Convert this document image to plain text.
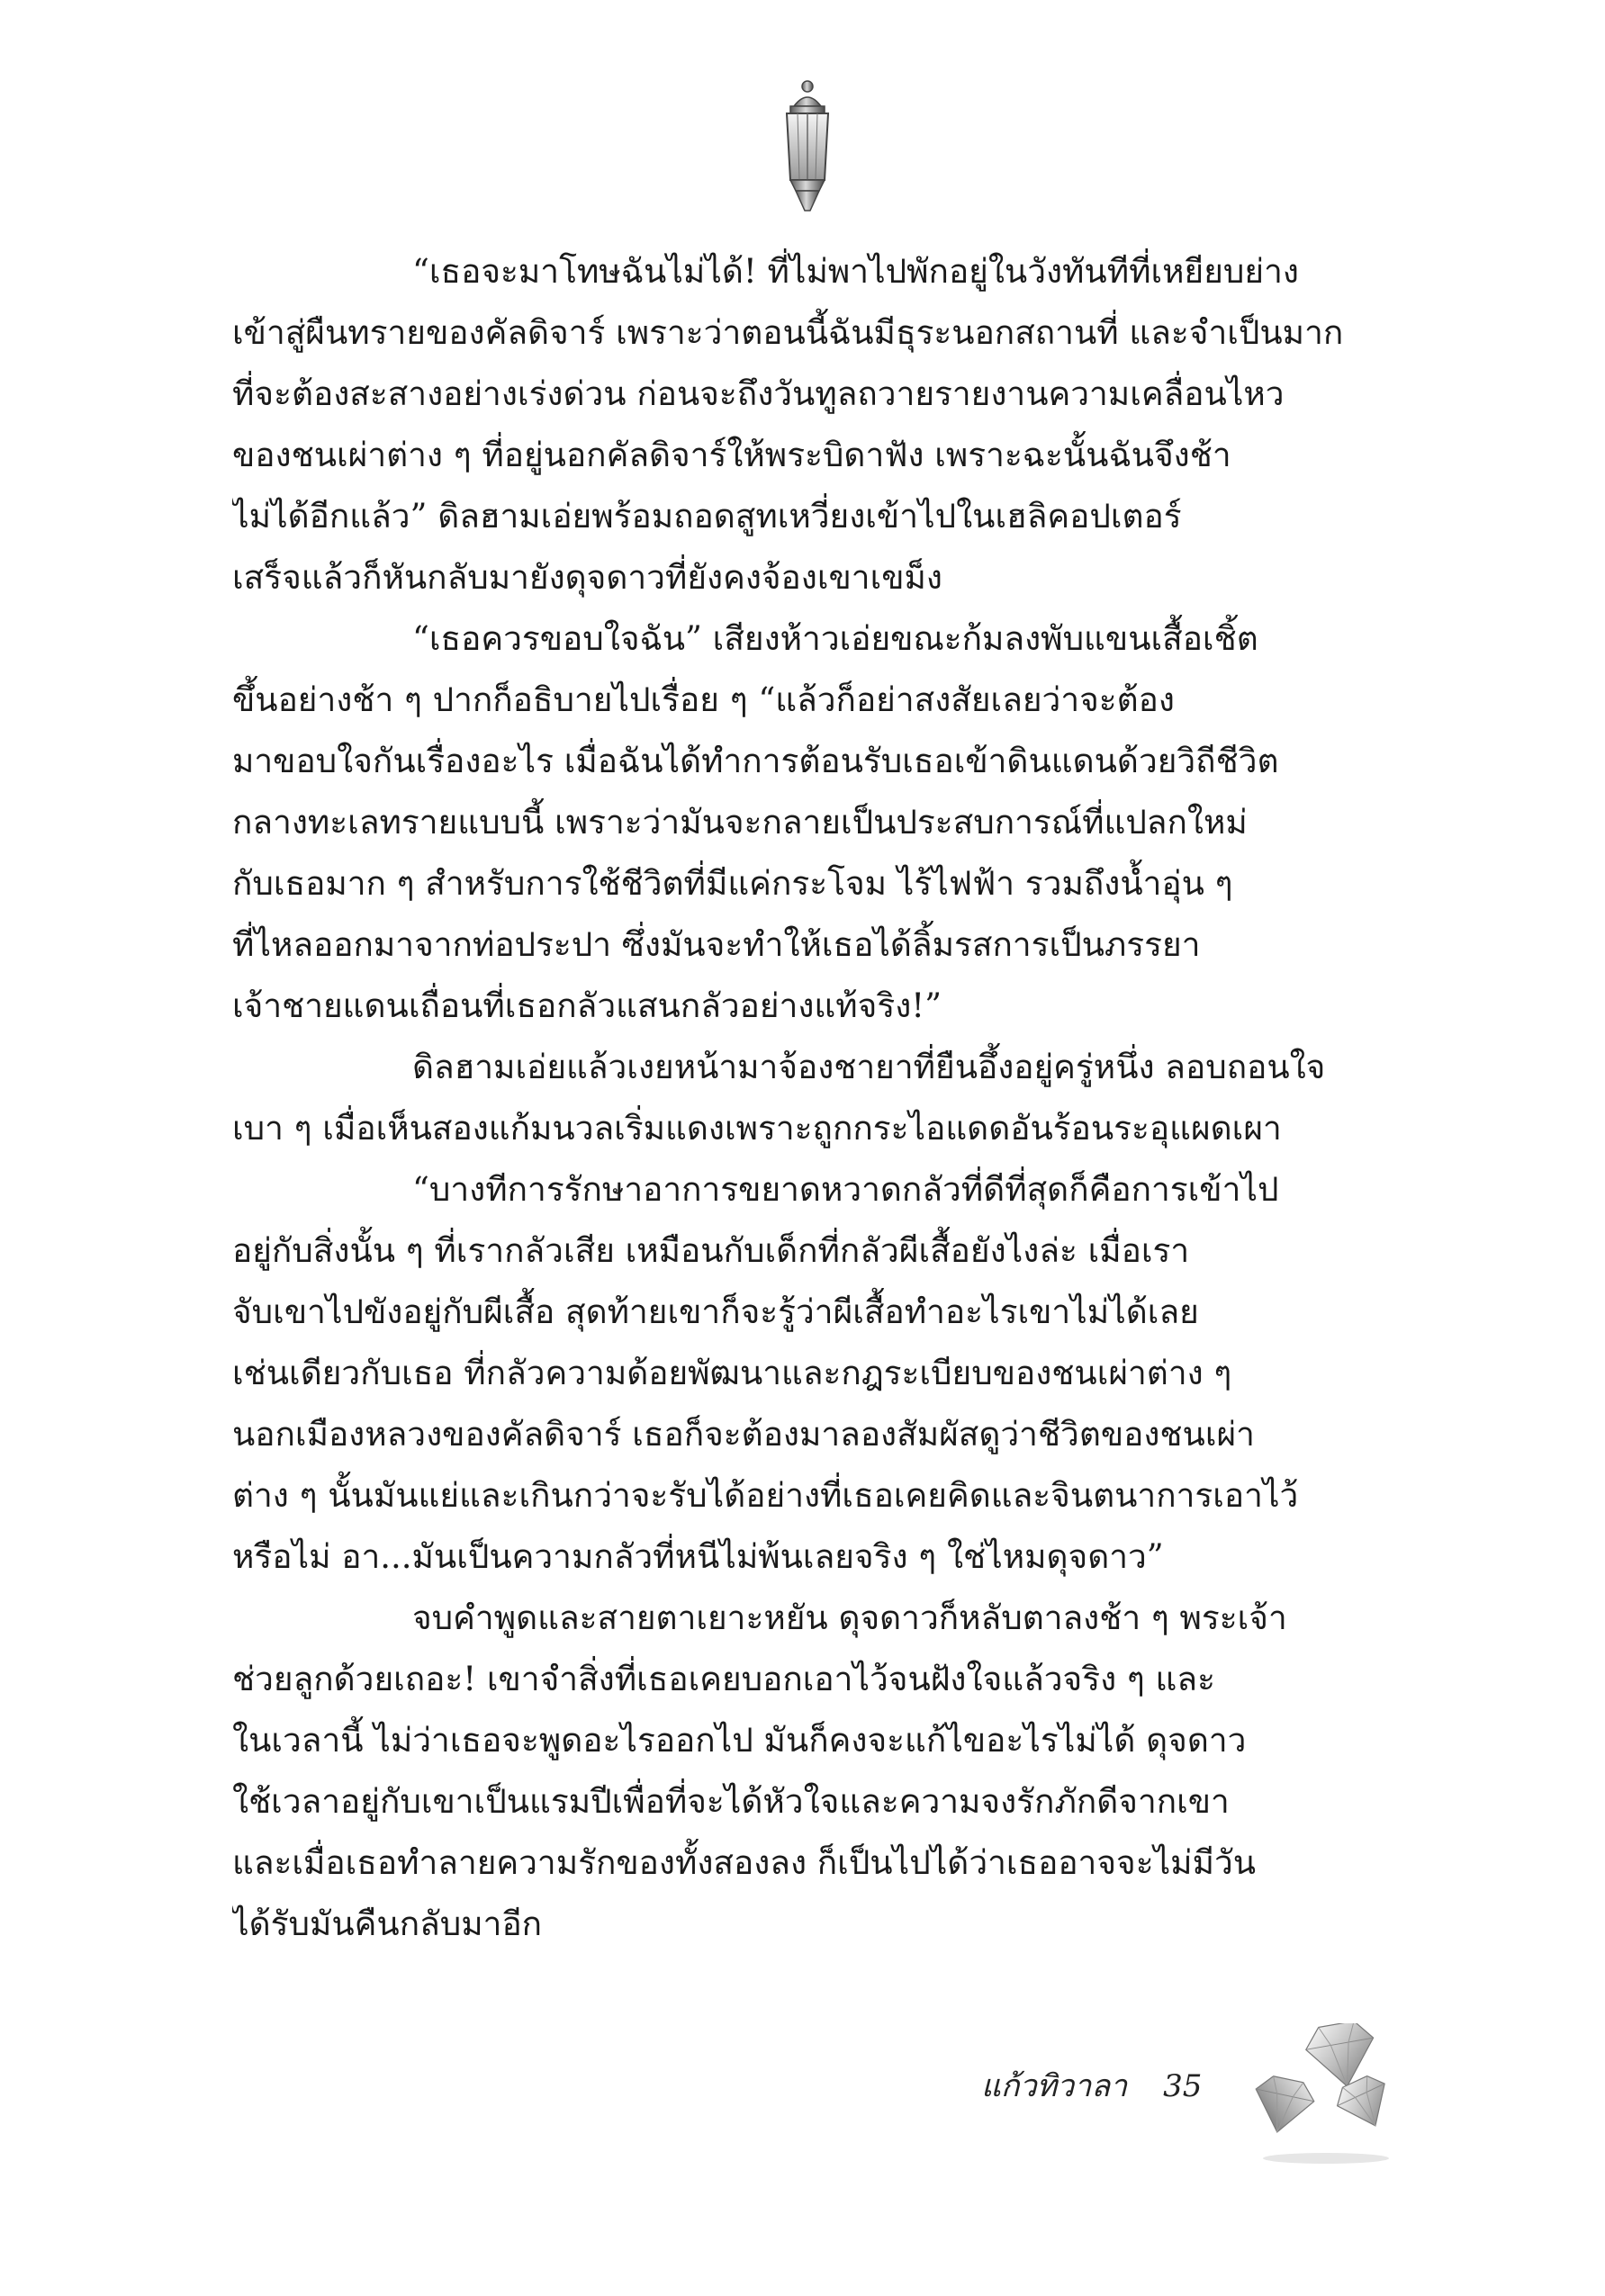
“เธอจะมาโทษฉันไม่ได้! ที่ไม่พาไปพักอยู่ในวังทันทีที่เหยียบย่าง
เข้าสู่ผืนทรายของคัลดิจาร์ เพราะว่าตอนนี้ฉันมีธุระนอกสถานที่ และจำเป็นมาก
ที่จะต้องสะสางอย่างเร่งด่วน ก่อนจะถึงวันทูลถวายรายงานความเคลื่อนไหว
ของชนเผ่าต่าง ๆ ที่อยู่นอกคัลดิจาร์ให้พระบิดาฟัง เพราะฉะนั้นฉันจึงช้า
ไม่ได้อีกแล้ว” ดิลฮามเอ่ยพร้อมถอดสูทเหวี่ยงเข้าไปในเฮลิคอปเตอร์
เสร็จแล้วก็หันกลับมายังดุจดาวที่ยังคงจ้องเขาเขม็ง
“เธอควรขอบใจฉัน” เสียงห้าวเอ่ยขณะก้มลงพับแขนเสื้อเชิ้ต
ขึ้นอย่างช้า ๆ ปากก็อธิบายไปเรื่อย ๆ “แล้วก็อย่าสงสัยเลยว่าจะต้อง
มาขอบใจกันเรื่องอะไร เมื่อฉันได้ทำการต้อนรับเธอเข้าดินแดนด้วยวิถีชีวิต
กลางทะเลทรายแบบนี้ เพราะว่ามันจะกลายเป็นประสบการณ์ที่แปลกใหม่
กับเธอมาก ๆ สำหรับการใช้ชีวิตที่มีแค่กระโจม ไร้ไฟฟ้า รวมถึงน้ำอุ่น ๆ
ที่ไหลออกมาจากท่อประปา ซึ่งมันจะทำให้เธอได้ลิ้มรสการเป็นภรรยา
เจ้าชายแดนเถื่อนที่เธอกลัวแสนกลัวอย่างแท้จริง!”
ดิลฮามเอ่ยแล้วเงยหน้ามาจ้องชายาที่ยืนอึ้งอยู่ครู่หนึ่ง ลอบถอนใจ
เบา ๆ เมื่อเห็นสองแก้มนวลเริ่มแดงเพราะถูกกระไอแดดอันร้อนระอุแผดเผา
“บางทีการรักษาอาการขยาดหวาดกลัวที่ดีที่สุดก็คือการเข้าไป
อยู่กับสิ่งนั้น ๆ ที่เรากลัวเสีย เหมือนกับเด็กที่กลัวผีเสื้อยังไงล่ะ เมื่อเรา
จับเขาไปขังอยู่กับผีเสื้อ สุดท้ายเขาก็จะรู้ว่าผีเสื้อทำอะไรเขาไม่ได้เลย
เช่นเดียวกับเธอ ที่กลัวความด้อยพัฒนาและกฎระเบียบของชนเผ่าต่าง ๆ
นอกเมืองหลวงของคัลดิจาร์ เธอก็จะต้องมาลองสัมผัสดูว่าชีวิตของชนเผ่า
ต่าง ๆ นั้นมันแย่และเกินกว่าจะรับได้อย่างที่เธอเคยคิดและจินตนาการเอาไว้
หรือไม่ อา...มันเป็นความกลัวที่หนีไม่พ้นเลยจริง ๆ ใช่ไหมดุจดาว”
จบคำพูดและสายตาเยาะหยัน ดุจดาวก็หลับตาลงช้า ๆ พระเจ้า
ช่วยลูกด้วยเถอะ! เขาจำสิ่งที่เธอเคยบอกเอาไว้จนฝังใจแล้วจริง ๆ และ
ในเวลานี้ ไม่ว่าเธอจะพูดอะไรออกไป มันก็คงจะแก้ไขอะไรไม่ได้ ดุจดาว
ใช้เวลาอยู่กับเขาเป็นแรมปีเพื่อที่จะได้หัวใจและความจงรักภักดีจากเขา
และเมื่อเธอทำลายความรักของทั้งสองลง ก็เป็นไปได้ว่าเธออาจจะไม่มีวัน
ได้รับมันคืนกลับมาอีก
แก้วทิวาลา 35
